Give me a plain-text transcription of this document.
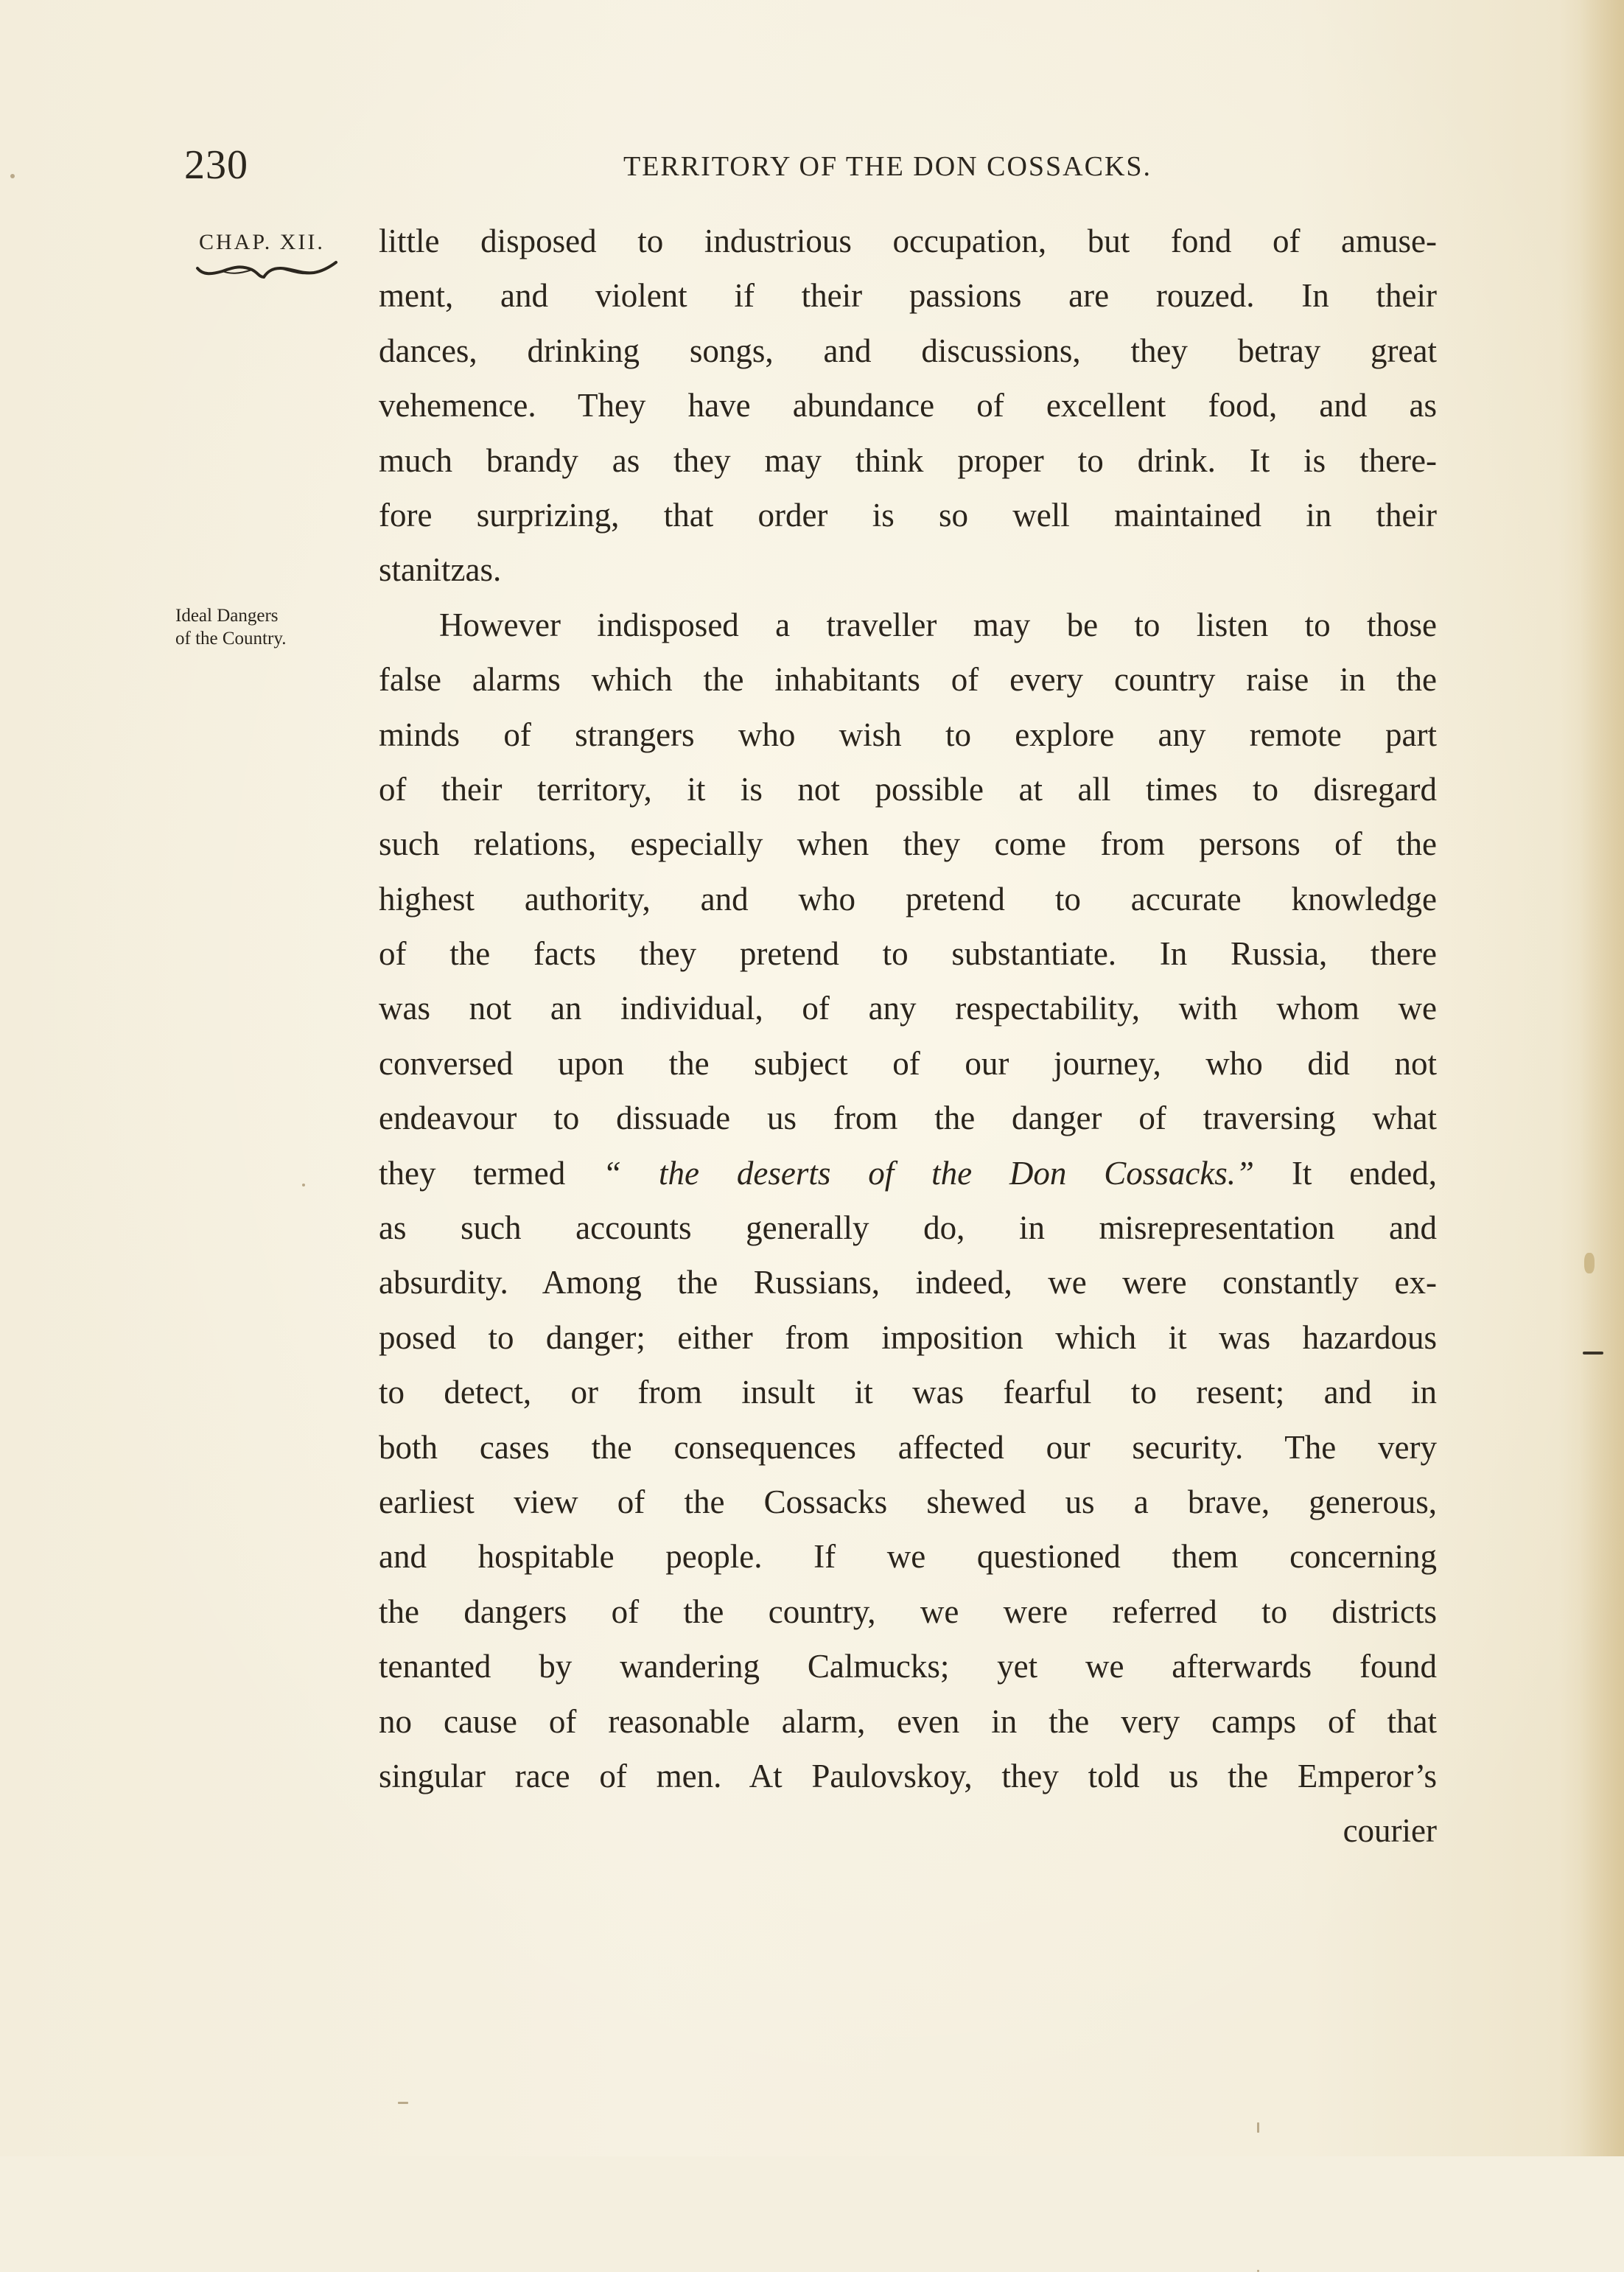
230	TERRITORY OF THE DON COSSACKS.
CHAP. XII.
Ideal Dangers
of the Country.
little disposed to industrious occupation, but fond of amuse-
ment, and violent if their passions are rouzed. In their
dances, drinking songs, and discussions, they betray great
vehemence. They have abundance of excellent food, and as
much brandy as they may think proper to drink. It is there-
fore surprizing, that order is so well maintained in their
stanitzas.
However indisposed a traveller may be to listen to those
false alarms which the inhabitants of every country raise in the
minds of strangers who wish to explore any remote part
of their territory, it is not possible at all times to disregard
such relations, especially when they come from persons of the
highest authority, and who pretend to accurate knowledge
of the facts they pretend to substantiate. In Russia, there
was not an individual, of any respectability, with whom we
conversed upon the subject of our journey, who did not
endeavour to dissuade us from the danger of traversing what
they termed “ the deserts of the Don Cossacks.” It ended,
as such accounts generally do, in misrepresentation and
absurdity. Among the Russians, indeed, we were constantly ex-
posed to danger; either from imposition which it was hazardous
to detect, or from insult it was fearful to resent; and in
both cases the consequences affected our security. The very
earliest view of the Cossacks shewed us a brave, generous,
and hospitable people. If we questioned them concerning
the dangers of the country, we were referred to districts
tenanted by wandering Calmucks; yet we afterwards found
no cause of reasonable alarm, even in the very camps of that
singular race of men. At Paulovskoy, they told us the Emperor’s
courier
